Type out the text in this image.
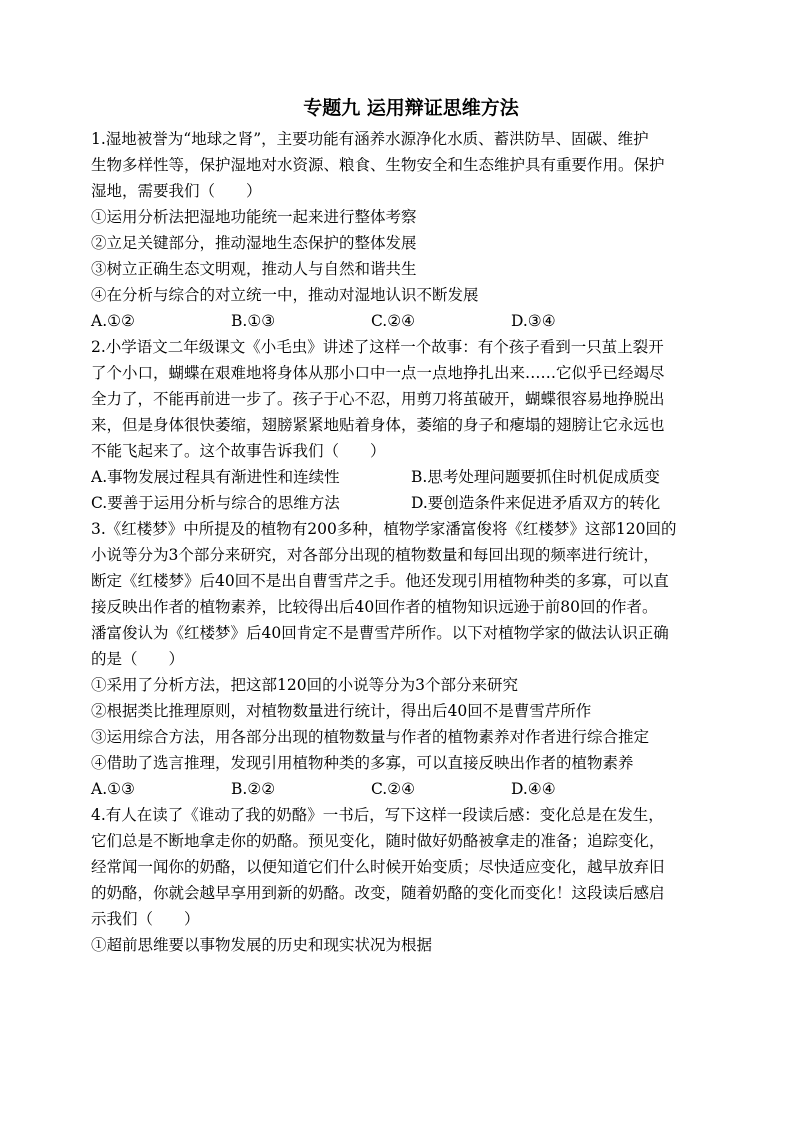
专题九 运用辩证思维方法
1.湿地被誉为“地球之肾”，主要功能有涵养水源净化水质、蓄洪防旱、固碳、维护
生物多样性等，保护湿地对水资源、粮食、生物安全和生态维护具有重要作用。保护
湿地，需要我们（　　）
①运用分析法把湿地功能统一起来进行整体考察
②立足关键部分，推动湿地生态保护的整体发展
③树立正确生态文明观，推动人与自然和谐共生
④在分析与综合的对立统一中，推动对湿地认识不断发展
A.①②	B.①③	C.②④	D.③④
2.小学语文二年级课文《小毛虫》讲述了这样一个故事：有个孩子看到一只茧上裂开
了个小口，蝴蝶在艰难地将身体从那小口中一点一点地挣扎出来……它似乎已经竭尽
全力了，不能再前进一步了。孩子于心不忍，用剪刀将茧破开，蝴蝶很容易地挣脱出
来，但是身体很快萎缩，翅膀紧紧地贴着身体，萎缩的身子和瘪塌的翅膀让它永远也
不能飞起来了。这个故事告诉我们（　　）
A.事物发展过程具有渐进性和连续性	B.思考处理问题要抓住时机促成质变
C.要善于运用分析与综合的思维方法	D.要创造条件来促进矛盾双方的转化
3.《红楼梦》中所提及的植物有200多种，植物学家潘富俊将《红楼梦》这部120回的
小说等分为3个部分来研究，对各部分出现的植物数量和每回出现的频率进行统计，
断定《红楼梦》后40回不是出自曹雪芹之手。他还发现引用植物种类的多寡，可以直
接反映出作者的植物素养，比较得出后40回作者的植物知识远逊于前80回的作者。
潘富俊认为《红楼梦》后40回肯定不是曹雪芹所作。以下对植物学家的做法认识正确
的是（　　）
①采用了分析方法，把这部120回的小说等分为3个部分来研究
②根据类比推理原则，对植物数量进行统计，得出后40回不是曹雪芹所作
③运用综合方法，用各部分出现的植物数量与作者的植物素养对作者进行综合推定
④借助了选言推理，发现引用植物种类的多寡，可以直接反映出作者的植物素养
A.①③	B.②②	C.②④	D.④④
4.有人在读了《谁动了我的奶酪》一书后，写下这样一段读后感：变化总是在发生，
它们总是不断地拿走你的奶酪。预见变化，随时做好奶酪被拿走的准备；追踪变化，
经常闻一闻你的奶酪，以便知道它们什么时候开始变质；尽快适应变化，越早放弃旧
的奶酪，你就会越早享用到新的奶酪。改变，随着奶酪的变化而变化！这段读后感启
示我们（　　）
①超前思维要以事物发展的历史和现实状况为根据
